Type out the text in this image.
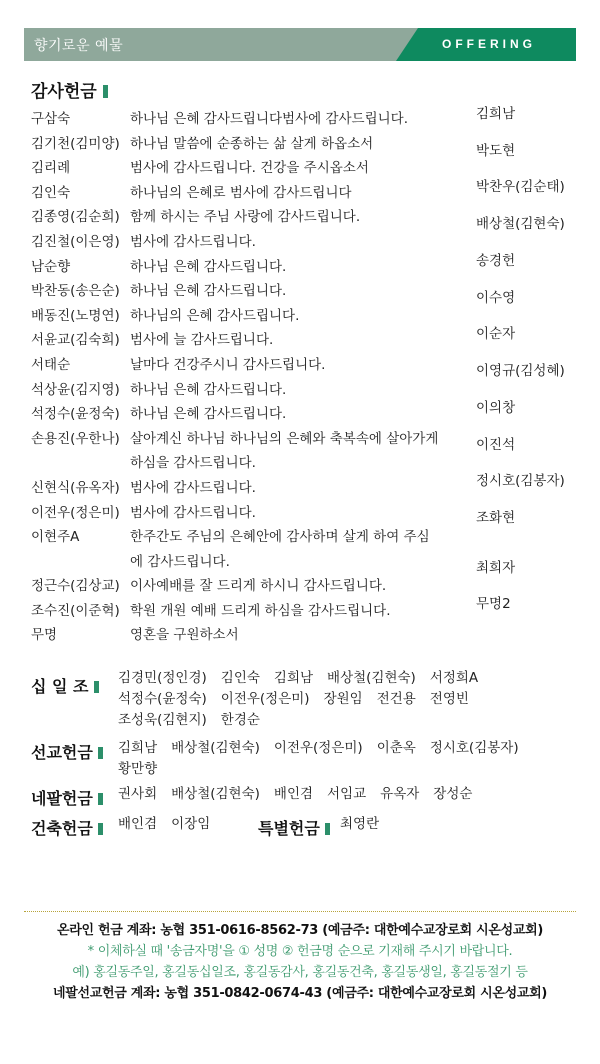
향기로운 예물	OFFERING
감사헌금
구삼숙	하나님 은혜 감사드립니다범사에 감사드립니다.
김기천(김미양) 하나님 말씀에 순종하는 삶 살게 하옵소서
김리례	범사에 감사드립니다. 건강을 주시옵소서
김인숙	하나님의 은혜로 범사에 감사드립니다
김종영(김순희) 함께 하시는 주님 사랑에 감사드립니다.
김진철(이은영) 범사에 감사드립니다.
남순향	하나님 은혜 감사드립니다.
박찬동(송은순) 하나님 은혜 감사드립니다.
배동진(노명연) 하나님의 은혜 감사드립니다.
서윤교(김숙희) 범사에 늘 감사드립니다.
서태순	날마다 건강주시니 감사드립니다.
석상윤(김지영) 하나님 은혜 감사드립니다.
석정수(윤정숙) 하나님 은혜 감사드립니다.
손용진(우한나) 살아계신 하나님 하나님의 은혜와 축복속에 살아가게
하심을 감사드립니다.
신현식(유옥자) 범사에 감사드립니다.
이전우(정은미) 범사에 감사드립니다.
이현주A	한주간도 주님의 은혜안에 감사하며 살게 하여 주심
에 감사드립니다.
정근수(김상교) 이사예배를 잘 드리게 하시니 감사드립니다.
조수진(이준혁) 학원 개원 예배 드리게 하심을 감사드립니다.
무명	영혼을 구원하소서
김희남
박도현
박찬우(김순태)
배상철(김현숙)
송경헌
이수영
이순자
이영규(김성혜)
이의창
이진석
정시호(김봉자)
조화현
최희자
무명2
십 일 조	김경민(정인경) 김인숙 김희남 배상철(김현숙) 서정희A
석정수(윤정숙) 이전우(정은미) 장원임 전건용 전영빈
조성욱(김현지) 한경순
선교헌금	김희남 배상철(김현숙) 이전우(정은미) 이춘옥 정시호(김봉자)
황만향
네팔헌금	권사회 배상철(김현숙) 배인겸 서임교 유옥자 장성순
건축헌금	배인겸 이장임	특별헌금	최영란
온라인 헌금 계좌: 농협 351-0616-8562-73 (예금주: 대한예수교장로회 시온성교회)
* 이체하실 때 '송금자명'을 ① 성명 ② 헌금명 순으로 기재해 주시기 바랍니다.
예) 홍길동주일, 홍길동십일조, 홍길동감사, 홍길동건축, 홍길동생일, 홍길동절기 등
네팔선교헌금 계좌: 농협 351-0842-0674-43 (예금주: 대한예수교장로회 시온성교회)
